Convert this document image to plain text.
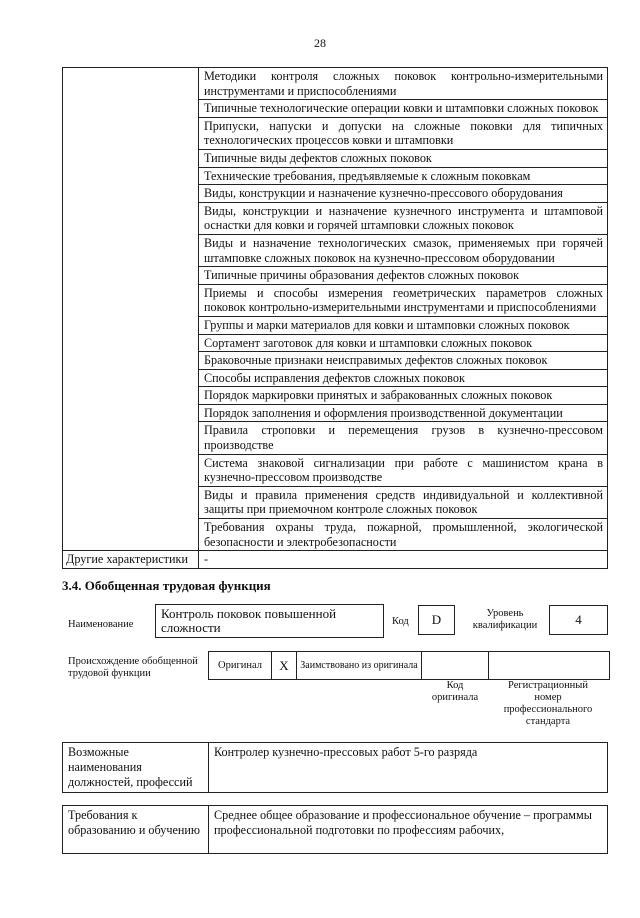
28
	Методики контроля сложных поковок контрольно-измерительными инструментами и приспособлениями
	Типичные технологические операции ковки и штамповки сложных поковок
	Припуски, напуски и допуски на сложные поковки для типичных технологических процессов ковки и штамповки
	Типичные виды дефектов сложных поковок
	Технические требования, предъявляемые к сложным поковкам
	Виды, конструкции и назначение кузнечно-прессового оборудования
	Виды, конструкции и назначение кузнечного инструмента и штамповой оснастки для ковки и горячей штамповки сложных поковок
	Виды и назначение технологических смазок, применяемых при горячей штамповке сложных поковок на кузнечно-прессовом оборудовании
	Типичные причины образования дефектов сложных поковок
	Приемы и способы измерения геометрических параметров сложных поковок контрольно-измерительными инструментами и приспособлениями
	Группы и марки материалов для ковки и штамповки сложных поковок
	Сортамент заготовок для ковки и штамповки сложных поковок
	Браковочные признаки неисправимых дефектов сложных поковок
	Способы исправления дефектов сложных поковок
	Порядок маркировки принятых и забракованных сложных поковок
	Порядок заполнения и оформления производственной документации
	Правила строповки и перемещения грузов в кузнечно-прессовом производстве
	Система знаковой сигнализации при работе с машинистом крана в кузнечно-прессовом производстве
	Виды и правила применения средств индивидуальной и коллективной защиты при приемочном контроле сложных поковок
	Требования охраны труда, пожарной, промышленной, экологической безопасности и электробезопасности
Другие характеристики	-
3.4. Обобщенная трудовая функция
Наименование
Контроль поковок повышенной сложности	Код	D	Уровень квалификации	4
Происхождение обобщенной трудовой функции
Оригинал	X	Заимствовано из оригинала		
Код оригинала
Регистрационный номер профессионального стандарта
Возможные наименования должностей, профессий	Контролер кузнечно-прессовых работ 5-го разряда
Требования к образованию и обучению	Среднее общее образование и профессиональное обучение – программы профессиональной подготовки по профессиям рабочих,
